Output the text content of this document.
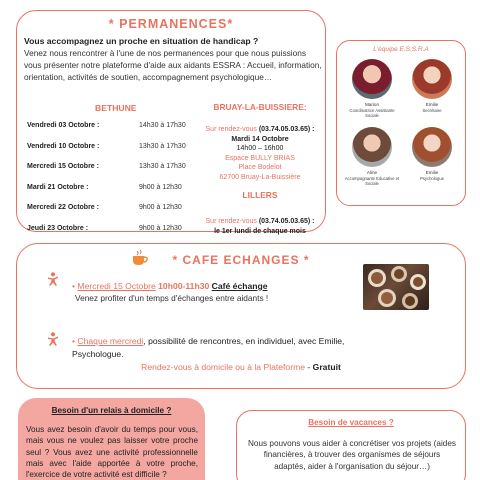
* PERMANENCES*
Vous accompagnez un proche en situation de handicap ?
Venez nous rencontrer à l'une de nos permanences pour que nous puissions vous présenter notre plateforme d'aide aux aidants ESSRA : Accueil, information, orientation, activités de soutien, accompagnement psychologique…
BETHUNE
Vendredi 03 Octobre :	14h30 à 17h30
Vendredi 10 Octobre :	13h30 à 17h30
Mercredi 15 Octobre :	13h30 à 17h30
Mardi 21 Octobre :	9h00 à 12h30
Mercredi 22 Octobre :	9h00 à 12h30
Jeudi 23 Octobre :	9h00 à 12h30
BRUAY-LA-BUISSIERE:
Sur rendez-vous (03.74.05.03.65) :
Mardi 14 Octobre
14h00 – 16h00
Espace BULLY BRIAS
Place Bodelot
62700 Bruay-La-Buissière
LILLERS
Sur rendez-vous (03.74.05.03.65) :
le 1er lundi de chaque mois
L'équipe E.S.S.R.A
Marion
Coordinatrice Assistante Sociale
Emilie
Secrétaire
Aline
Accompagnante Educative et Sociale
Emilie
Psychologue
* CAFE ECHANGES *
• Mercredi 15 Octobre 10h00-11h30 Café échange
Venez profiter d'un temps d'échanges entre aidants !
• Chaque mercredi, possibilité de rencontres, en individuel, avec Emilie,
Psychologue.
Rendez-vous à domicile ou à la Plateforme - Gratuit
Besoin d'un relais à domicile ?
Vous avez besoin d'avoir du temps pour vous, mais vous ne voulez pas laisser votre proche seul ? Vous avez une activité professionnelle mais avec l'aide apportée à votre proche, l'exercice de votre activité est difficile ?
Besoin de vacances ?
Nous pouvons vous aider à concrétiser vos projets (aides financières, à trouver des organismes de séjours adaptés, aider à l'organisation du séjour…)
